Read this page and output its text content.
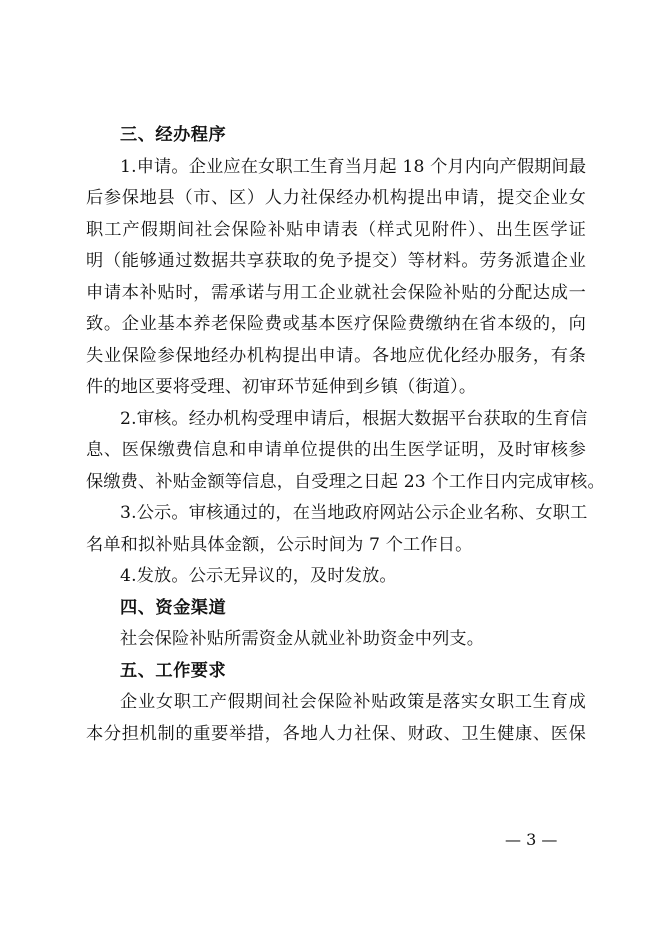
三、经办程序

1.申请。企业应在女职工生育当月起 18 个月内向产假期间最
后参保地县（市、区）人力社保经办机构提出申请，提交企业女
职工产假期间社会保险补贴申请表（样式见附件）、出生医学证
明（能够通过数据共享获取的免予提交）等材料。劳务派遣企业
申请本补贴时，需承诺与用工企业就社会保险补贴的分配达成一
致。企业基本养老保险费或基本医疗保险费缴纳在省本级的，向
失业保险参保地经办机构提出申请。各地应优化经办服务，有条
件的地区要将受理、初审环节延伸到乡镇（街道）。

2.审核。经办机构受理申请后，根据大数据平台获取的生育信
息、医保缴费信息和申请单位提供的出生医学证明，及时审核参
保缴费、补贴金额等信息，自受理之日起 23 个工作日内完成审核。

3.公示。审核通过的，在当地政府网站公示企业名称、女职工
名单和拟补贴具体金额，公示时间为 7 个工作日。

4.发放。公示无异议的，及时发放。

四、资金渠道

社会保险补贴所需资金从就业补助资金中列支。

五、工作要求

企业女职工产假期间社会保险补贴政策是落实女职工生育成
本分担机制的重要举措，各地人力社保、财政、卫生健康、医保

— 3 —
